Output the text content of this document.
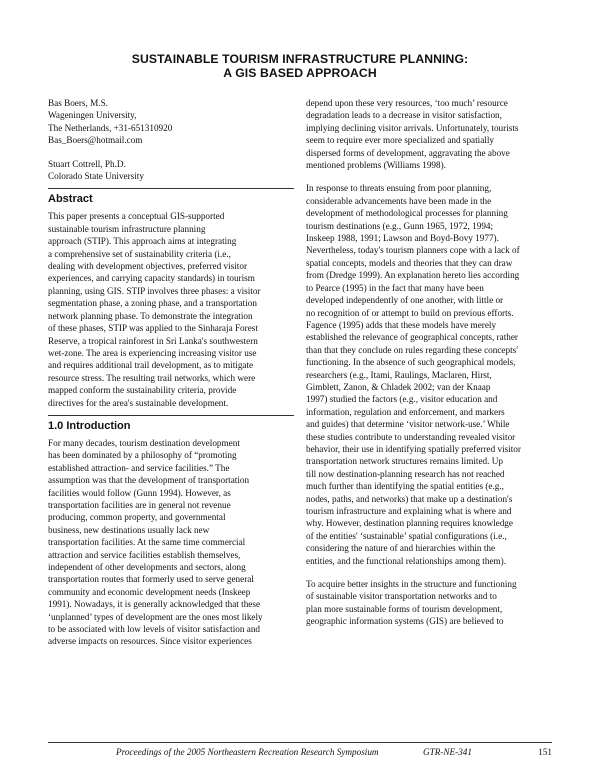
SUSTAINABLE TOURISM INFRASTRUCTURE PLANNING:
A GIS BASED APPROACH
Bas Boers, M.S.
Wageningen University,
The Netherlands, +31-651310920
Bas_Boers@hotmail.com
Stuart Cottrell, Ph.D.
Colorado State University
Abstract
This paper presents a conceptual GIS-supported
sustainable tourism infrastructure planning
approach (STIP). This approach aims at integrating
a comprehensive set of sustainability criteria (i.e.,
dealing with development objectives, preferred visitor
experiences, and carrying capacity standards) in tourism
planning, using GIS. STIP involves three phases: a visitor
segmentation phase, a zoning phase, and a transportation
network planning phase. To demonstrate the integration
of these phases, STIP was applied to the Sinharaja Forest
Reserve, a tropical rainforest in Sri Lanka's southwestern
wet-zone. The area is experiencing increasing visitor use
and requires additional trail development, as to mitigate
resource stress. The resulting trail networks, which were
mapped conform the sustainability criteria, provide
directives for the area's sustainable development.
1.0 Introduction
For many decades, tourism destination development
has been dominated by a philosophy of “promoting
established attraction- and service facilities.” The
assumption was that the development of transportation
facilities would follow (Gunn 1994). However, as
transportation facilities are in general not revenue
producing, common property, and governmental
business, new destinations usually lack new
transportation facilities. At the same time commercial
attraction and service facilities establish themselves,
independent of other developments and sectors, along
transportation routes that formerly used to serve general
community and economic development needs (Inskeep
1991). Nowadays, it is generally acknowledged that these
‘unplanned’ types of development are the ones most likely
to be associated with low levels of visitor satisfaction and
adverse impacts on resources. Since visitor experiences
depend upon these very resources, ‘too much’ resource
degradation leads to a decrease in visitor satisfaction,
implying declining visitor arrivals. Unfortunately, tourists
seem to require ever more specialized and spatially
dispersed forms of development, aggravating the above
mentioned problems (Williams 1998).
In response to threats ensuing from poor planning,
considerable advancements have been made in the
development of methodological processes for planning
tourism destinations (e.g., Gunn 1965, 1972, 1994;
Inskeep 1988, 1991; Lawson and Boyd-Bovy 1977).
Nevertheless, today's tourism planners cope with a lack of
spatial concepts, models and theories that they can draw
from (Dredge 1999). An explanation hereto lies according
to Pearce (1995) in the fact that many have been
developed independently of one another, with little or
no recognition of or attempt to build on previous efforts.
Fagence (1995) adds that these models have merely
established the relevance of geographical concepts, rather
than that they conclude on rules regarding these concepts'
functioning. In the absence of such geographical models,
researchers (e.g., Itami, Raulings, Maclaren, Hirst,
Gimblett, Zanon, & Chladek 2002; van der Knaap
1997) studied the factors (e.g., visitor education and
information, regulation and enforcement, and markers
and guides) that determine ‘visitor network-use.’ While
these studies contribute to understanding revealed visitor
behavior, their use in identifying spatially preferred visitor
transportation network structures remains limited. Up
till now destination-planning research has not reached
much further than identifying the spatial entities (e.g.,
nodes, paths, and networks) that make up a destination's
tourism infrastructure and explaining what is where and
why. However, destination planning requires knowledge
of the entities' ‘sustainable’ spatial configurations (i.e.,
considering the nature of and hierarchies within the
entities, and the functional relationships among them).
To acquire better insights in the structure and functioning
of sustainable visitor transportation networks and to
plan more sustainable forms of tourism development,
geographic information systems (GIS) are believed to
Proceedings of the 2005 Northeastern Recreation Research Symposium	GTR-NE-341	151
